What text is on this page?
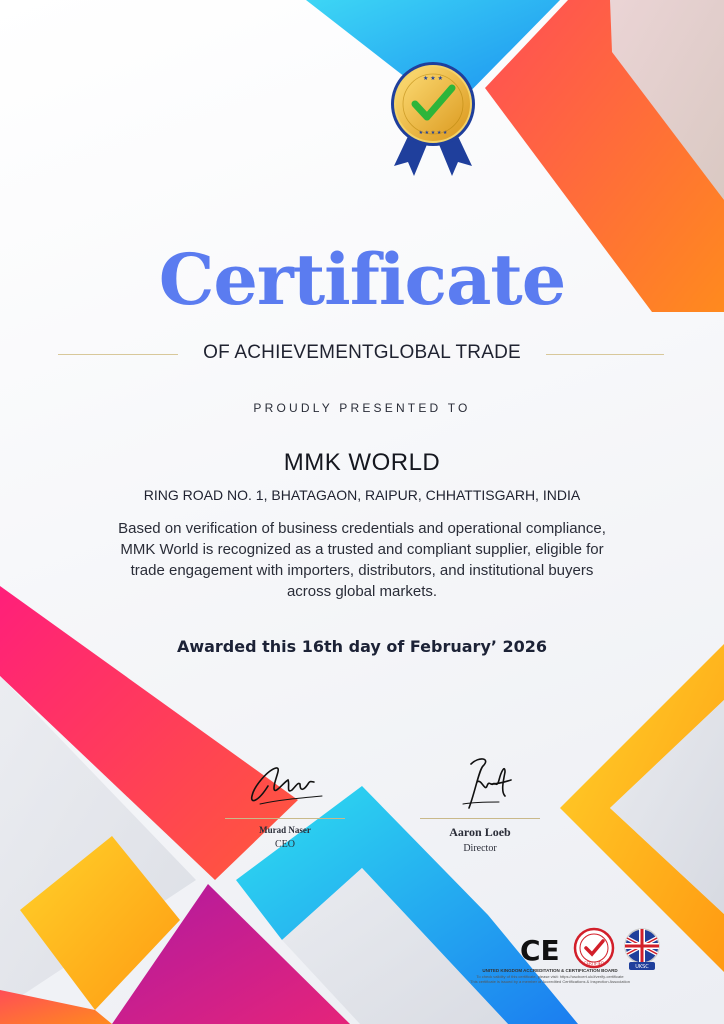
★ ★ ★
★ ★ ★ ★ ★
Certificate
OF ACHIEVEMENTGLOBAL TRADE
PROUDLY PRESENTED TO
MMK WORLD
RING ROAD NO. 1, BHATAGAON, RAIPUR, CHHATTISGARH, INDIA
Based on verification of business credentials and operational compliance, MMK World is recognized as a trusted and compliant supplier, eligible for trade engagement with importers, distributors, and institutional buyers across global markets.
Awarded this 16th day of February’ 2026
Murad Naser
CEO
Aaron Loeb
Director
CE	CERTIFIED
UKSC
UNITED KINGDOM ACCREDITATION & CERTIFICATION BOARD
To check validity of this certificate, please visit: https://uscbcert.uk/#verify-certificate
This certificate is issued by a member of Accredited Certifications & Inspection Association
